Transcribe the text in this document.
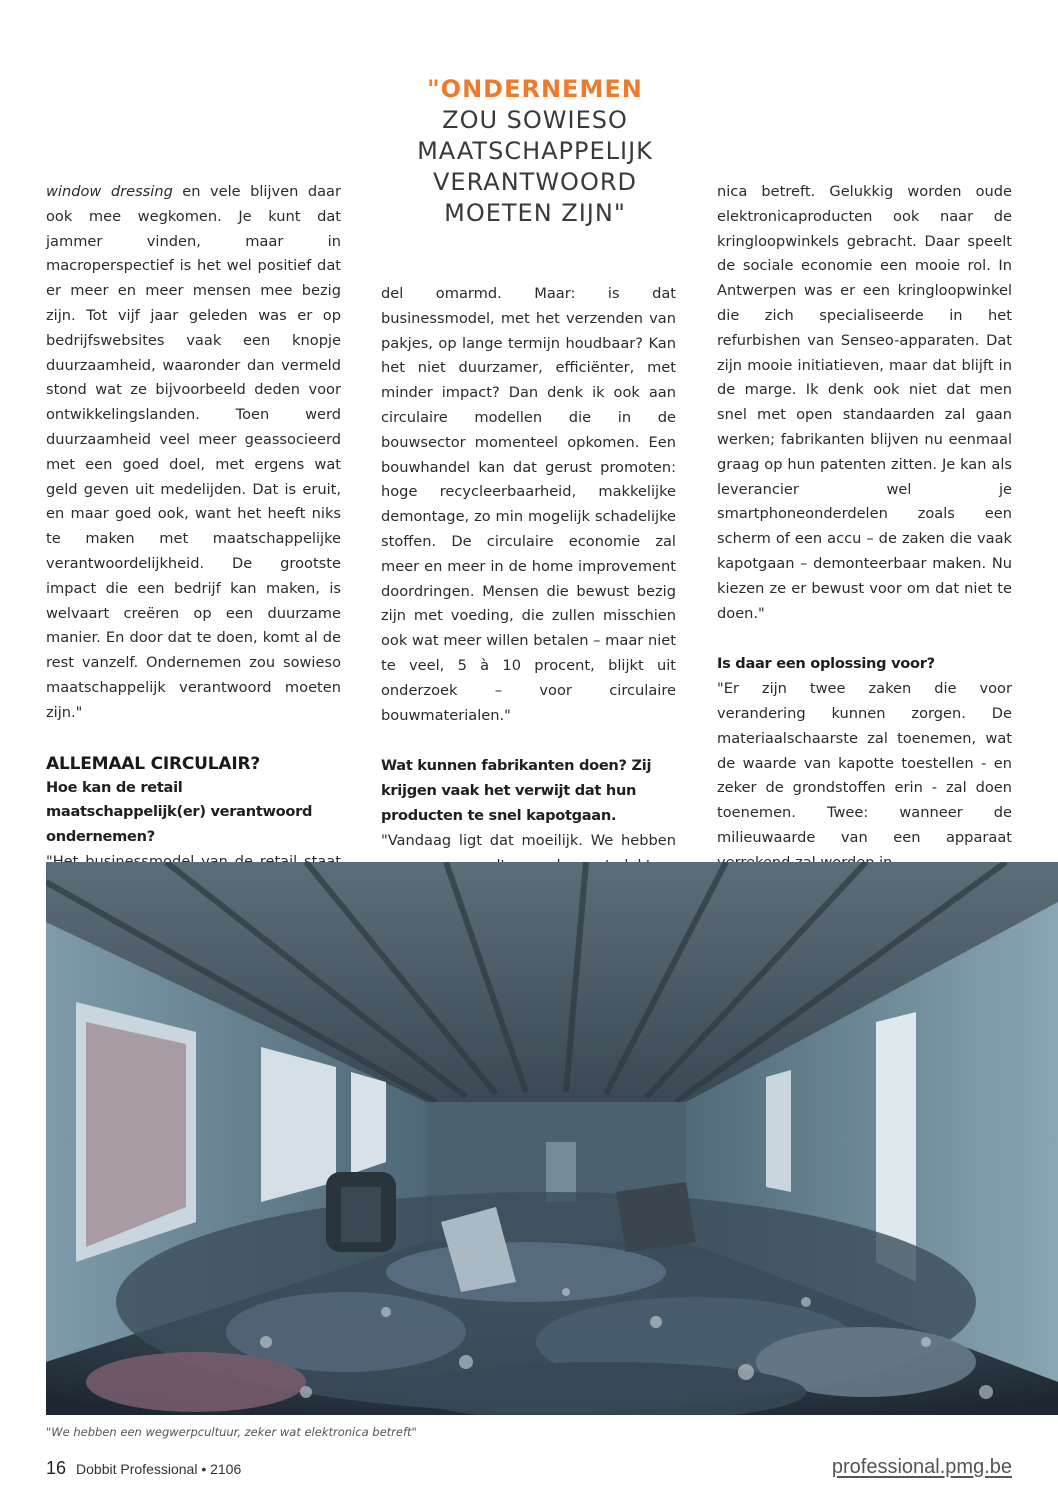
"ONDERNEMEN
ZOU SOWIESO MAATSCHAPPELIJK VERANTWOORD MOETEN ZIJN"

window dressing en vele blijven daar ook mee wegkomen. Je kunt dat jammer vinden, maar in macroperspectief is het wel positief dat er meer en meer mensen mee bezig zijn. Tot vijf jaar geleden was er op bedrijfswebsites vaak een knopje duurzaamheid, waaronder dan vermeld stond wat ze bijvoorbeeld deden voor ontwikkelingslanden. Toen werd duurzaamheid veel meer geassocieerd met een goed doel, met ergens wat geld geven uit medelijden. Dat is eruit, en maar goed ook, want het heeft niks te maken met maatschappelijke verantwoordelijkheid. De grootste impact die een bedrijf kan maken, is welvaart creëren op een duurzame manier. En door dat te doen, komt al de rest vanzelf. Ondernemen zou sowieso maatschappelijk verantwoord moeten zijn."

ALLEMAAL CIRCULAIR?

Hoe kan de retail maatschappelijk(er) verantwoord ondernemen?

del omarmd. Maar: is dat businessmodel, met het verzenden van pakjes, op lange termijn houdbaar? Kan het niet duurzamer, efficiënter, met minder impact? Dan denk ik ook aan circulaire modellen die in de bouwsector momenteel opkomen. Een bouwhandel kan dat gerust promoten: hoge recycleerbaarheid, makkelijke demontage, zo min mogelijk schadelijke stoffen. De circulaire economie zal meer en meer in de home improvement doordringen. Mensen die bewust bezig zijn met voeding, die zullen misschien ook wat meer willen betalen – maar niet te veel, 5 à 10 procent, blijkt uit onderzoek – voor circulaire bouwmaterialen."

Wat kunnen fabrikanten doen? Zij krijgen vaak het verwijt dat hun producten te snel kapotgaan.

"Vandaag ligt dat moeilijk. We hebben

nica betreft. Gelukkig worden oude elektronicaproducten ook naar de kringloopwinkels gebracht. Daar speelt de sociale economie een mooie rol. In Antwerpen was er een kringloopwinkel die zich specialiseerde in het refurbishen van Senseo-apparaten. Dat zijn mooie initiatieven, maar dat blijft in de marge. Ik denk ook niet dat men snel met open standaarden zal gaan werken; fabrikanten blijven nu eenmaal graag op hun patenten zitten. Je kan als leverancier wel je smartphoneonderdelen zoals een scherm of een accu – de zaken die vaak kapotgaan – demonteerbaar maken. Nu kiezen ze er bewust voor om dat niet te doen."

Is daar een oplossing voor?

"Er zijn twee zaken die voor verandering kunnen zorgen. De materiaalschaarste zal toenemen, wat de waarde van kapotte toestellen - en zeker de grondstoffen erin - zal doen toenemen. Twee: wanneer de milieuwaarde van een apparaat

"We hebben een wegwerpcultuur, zeker wat elektronica betreft"
16 Dobbit Professional • 2106	professional.pmg.be
